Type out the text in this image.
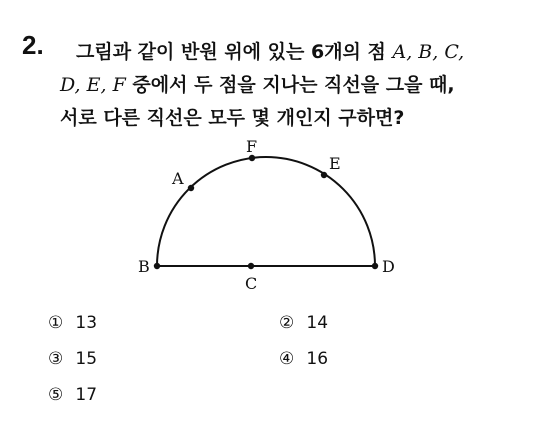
2. 그림과 같이 반원 위에 있는 6개의 점 A, B, C,
D, E, F 중에서 두 점을 지나는 직선을 그을 때,
서로 다른 직선은 모두 몇 개인지 구하면?
A
B
C
D
E
F
① 13	② 14
③ 15	④ 16
⑤ 17
